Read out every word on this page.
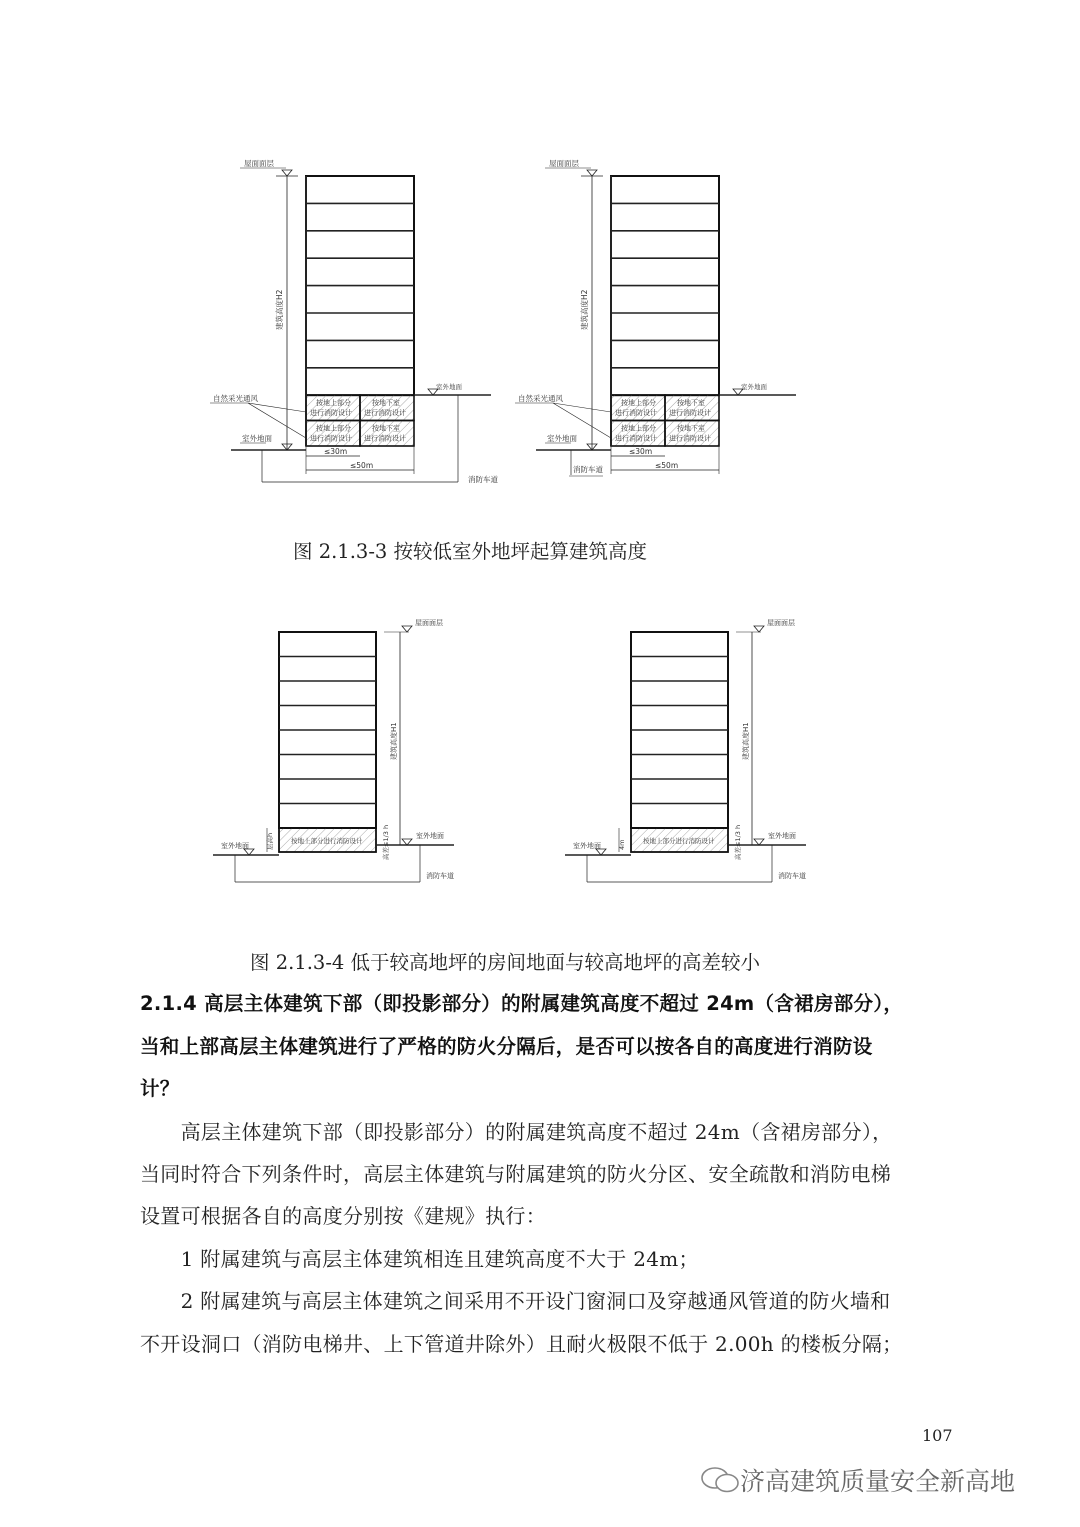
按地上部分
进行消防设计
按地下室
进行消防设计
按地上部分
进行消防设计
按地下室
进行消防设计
建筑高度H2
屋面面层
自然采光通风
室外地面
室外地面
≤30m
≤50m
消防车道
按地上部分
进行消防设计
按地下室
进行消防设计
按地上部分
进行消防设计
按地下室
进行消防设计
建筑高度H2
屋面面层
自然采光通风
室外地面
室外地面
≤30m
≤50m
消防车道
按地上部分进行消防设计
建筑高度H1
屋面面层
室外地面
室外地面	层高h	高差≤1/3 h
消防车道
按地上部分进行消防设计
建筑高度H1
屋面面层
室外地面
室外地面	4m	高差≤1/3 h
消防车道
图 2.1.3-3 按较低室外地坪起算建筑高度
图 2.1.3-4 低于较高地坪的房间地面与较高地坪的高差较小
2.1.4 高层主体建筑下部（即投影部分）的附属建筑高度不超过 24m（含裙房部分），
当和上部高层主体建筑进行了严格的防火分隔后，是否可以按各自的高度进行消防设
计？
　　高层主体建筑下部（即投影部分）的附属建筑高度不超过 24m（含裙房部分），
当同时符合下列条件时，高层主体建筑与附属建筑的防火分区、安全疏散和消防电梯
设置可根据各自的高度分别按《建规》执行：
　　1 附属建筑与高层主体建筑相连且建筑高度不大于 24m；
　　2 附属建筑与高层主体建筑之间采用不开设门窗洞口及穿越通风管道的防火墙和
不开设洞口（消防电梯井、上下管道井除外）且耐火极限不低于 2.00h 的楼板分隔；
107
济高建筑质量安全新高地
